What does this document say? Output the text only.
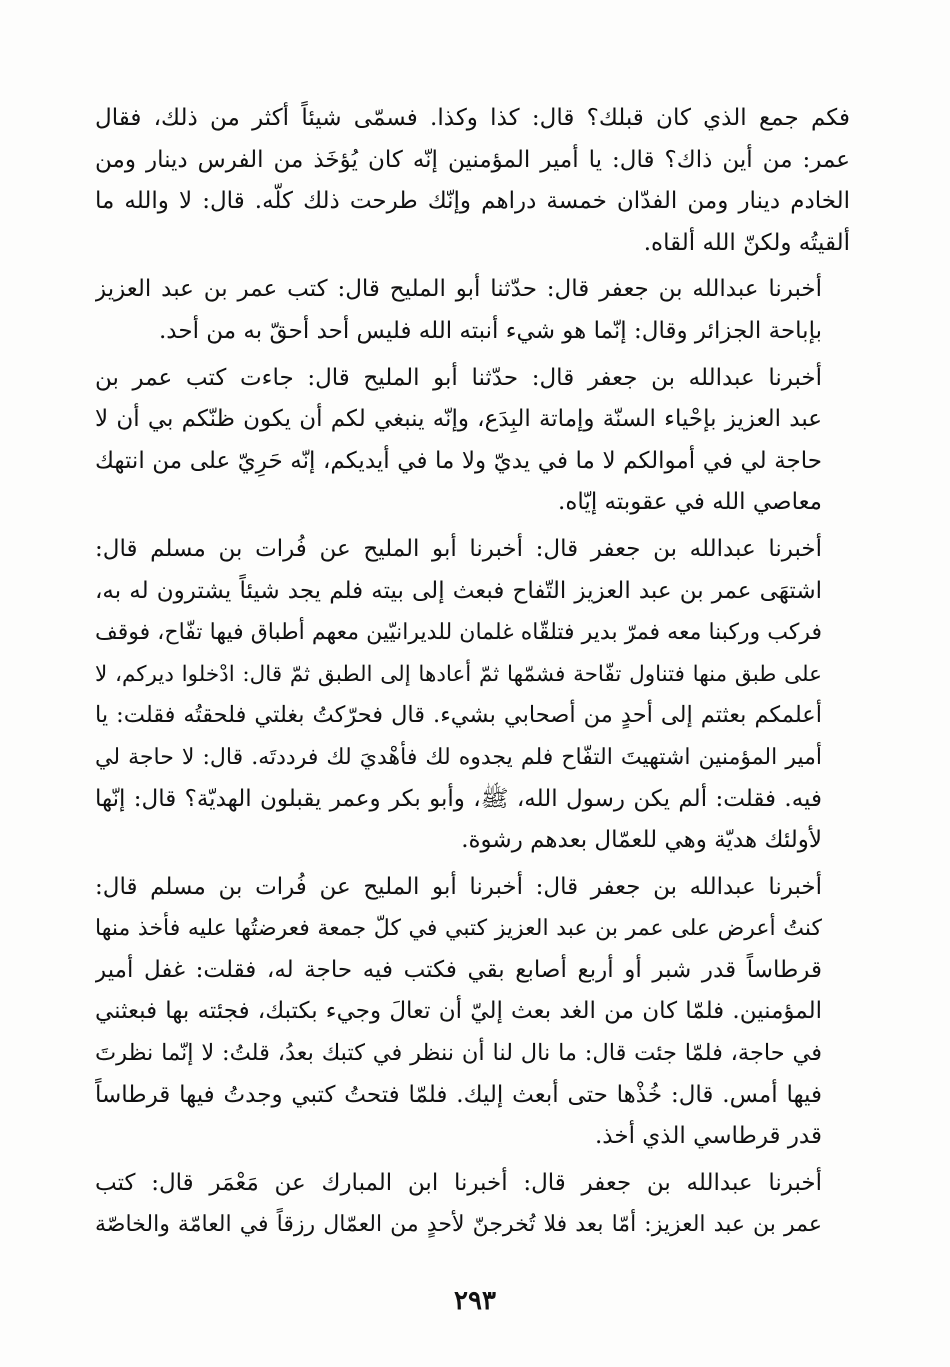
فكم جمع الذي كان قبلك؟ قال: كذا وكذا. فسمّى شيئاً أكثر من ذلك، فقال
عمر: من أين ذاك؟ قال: يا أمير المؤمنين إنّه كان يُؤخَذ من الفرس دينار ومن
الخادم دينار ومن الفدّان خمسة دراهم وإنّك طرحت ذلك كلّه. قال: لا والله ما
ألقيتُه ولكنّ الله ألقاه.

أخبرنا عبدالله بن جعفر قال: حدّثنا أبو المليح قال: كتب عمر بن عبد العزيز
بإباحة الجزائر وقال: إنّما هو شيء أنبته الله فليس أحد أحقّ به من أحد.

أخبرنا عبدالله بن جعفر قال: حدّثنا أبو المليح قال: جاءت كتب عمر بن
عبد العزيز بإحْياء السنّة وإماتة البِدَع، وإنّه ينبغي لكم أن يكون ظنّكم بي أن لا
حاجة لي في أموالكم لا ما في يديّ ولا ما في أيديكم، إنّه حَرِيّ على من انتهك
معاصي الله في عقوبته إيّاه.

أخبرنا عبدالله بن جعفر قال: أخبرنا أبو المليح عن فُرات بن مسلم قال:
اشتهَى عمر بن عبد العزيز التّفاح فبعث إلى بيته فلم يجد شيئاً يشترون له به،
فركب وركبنا معه فمرّ بدير فتلقّاه غلمان للديرانيّين معهم أطباق فيها تفّاح، فوقف
على طبق منها فتناول تفّاحة فشمّها ثمّ أعادها إلى الطبق ثمّ قال: ادْخلوا ديركم، لا
أعلمكم بعثتم إلى أحدٍ من أصحابي بشيء. قال فحرّكتُ بغلتي فلحقتُه فقلت: يا
أمير المؤمنين اشتهيتَ التفّاح فلم يجدوه لك فأهْديَ لك فرددتَه. قال: لا حاجة لي
فيه. فقلت: ألم يكن رسول الله، ﷺ، وأبو بكر وعمر يقبلون الهديّة؟ قال: إنّها
لأولئك هديّة وهي للعمّال بعدهم رشوة.

أخبرنا عبدالله بن جعفر قال: أخبرنا أبو المليح عن فُرات بن مسلم قال:
كنتُ أعرض على عمر بن عبد العزيز كتبي في كلّ جمعة فعرضتُها عليه فأخذ منها
قرطاساً قدر شبر أو أربع أصابع بقي فكتب فيه حاجة له، فقلت: غفل أمير
المؤمنين. فلمّا كان من الغد بعث إليّ أن تعالَ وجيء بكتبك، فجئته بها فبعثني
في حاجة، فلمّا جئت قال: ما نال لنا أن ننظر في كتبك بعدُ، قلتُ: لا إنّما نظرتَ
فيها أمس. قال: خُذْها حتى أبعث إليك. فلمّا فتحتُ كتبي وجدتُ فيها قرطاساً
قدر قرطاسي الذي أخذ.

أخبرنا عبدالله بن جعفر قال: أخبرنا ابن المبارك عن مَعْمَر قال: كتب
عمر بن عبد العزيز: أمّا بعد فلا تُخرجنّ لأحدٍ من العمّال رزقاً في العامّة والخاصّة

٢٩٣
